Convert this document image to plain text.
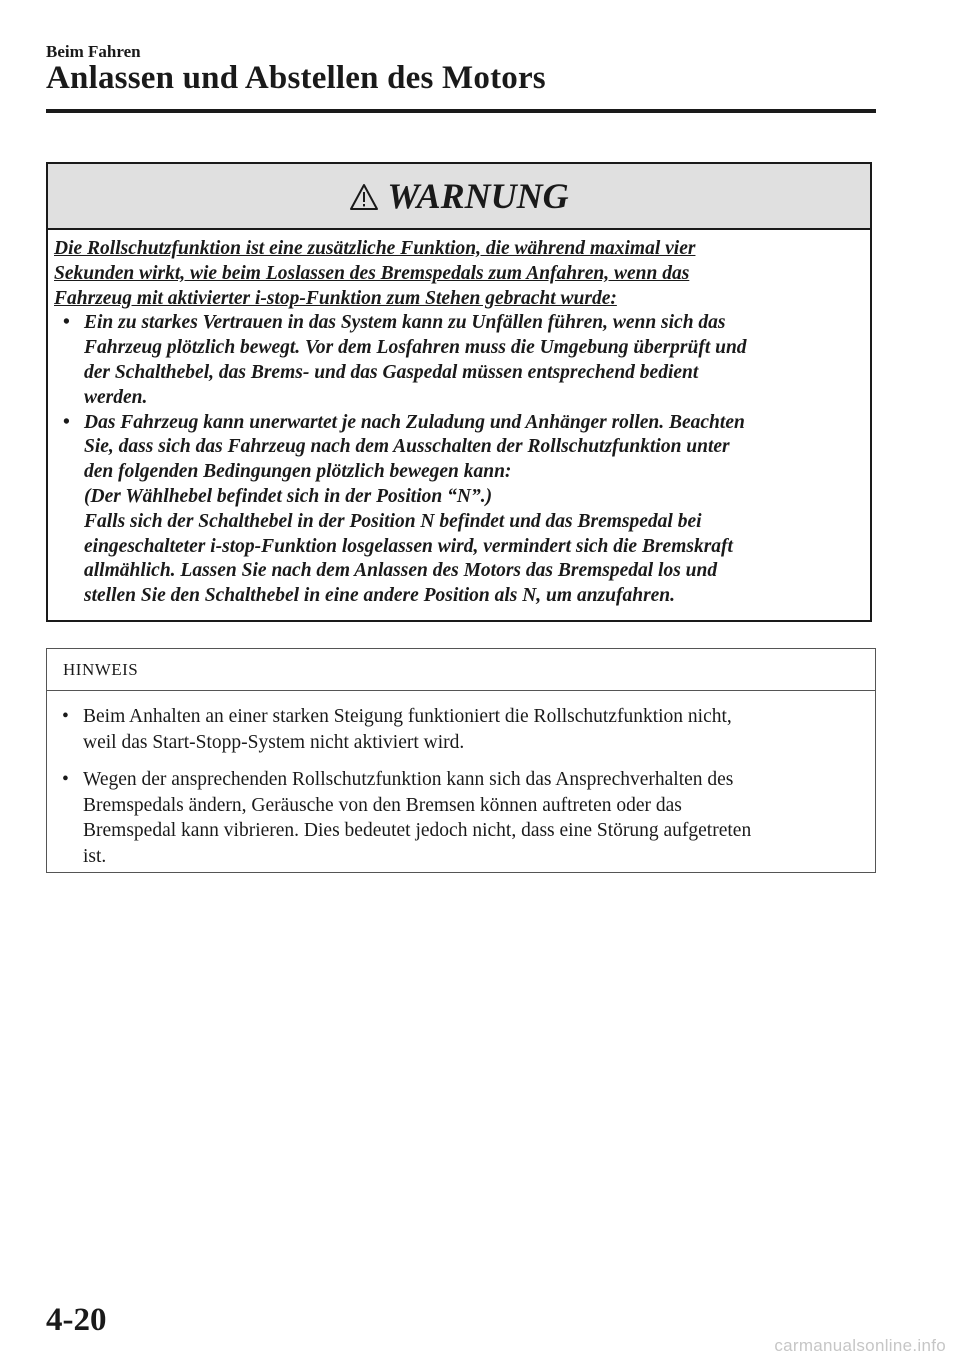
Beim Fahren
Anlassen und Abstellen des Motors
WARNUNG

Die Rollschutzfunktion ist eine zusätzliche Funktion, die während maximal vier
Sekunden wirkt, wie beim Loslassen des Bremspedals zum Anfahren, wenn das
Fahrzeug mit aktivierter i-stop-Funktion zum Stehen gebracht wurde:

• Ein zu starkes Vertrauen in das System kann zu Unfällen führen, wenn sich das
Fahrzeug plötzlich bewegt. Vor dem Losfahren muss die Umgebung überprüft und
der Schalthebel, das Brems- und das Gaspedal müssen entsprechend bedient
werden.
• Das Fahrzeug kann unerwartet je nach Zuladung und Anhänger rollen. Beachten
Sie, dass sich das Fahrzeug nach dem Ausschalten der Rollschutzfunktion unter
den folgenden Bedingungen plötzlich bewegen kann:
(Der Wählhebel befindet sich in der Position “N”.)
Falls sich der Schalthebel in der Position N befindet und das Bremspedal bei
eingeschalteter i-stop-Funktion losgelassen wird, vermindert sich die Bremskraft
allmählich. Lassen Sie nach dem Anlassen des Motors das Bremspedal los und
stellen Sie den Schalthebel in eine andere Position als N, um anzufahren.
HINWEIS
• Beim Anhalten an einer starken Steigung funktioniert die Rollschutzfunktion nicht,
weil das Start-Stopp-System nicht aktiviert wird.
• Wegen der ansprechenden Rollschutzfunktion kann sich das Ansprechverhalten des
Bremspedals ändern, Geräusche von den Bremsen können auftreten oder das
Bremspedal kann vibrieren. Dies bedeutet jedoch nicht, dass eine Störung aufgetreten
ist.
4-20
carmanualsonline.info
